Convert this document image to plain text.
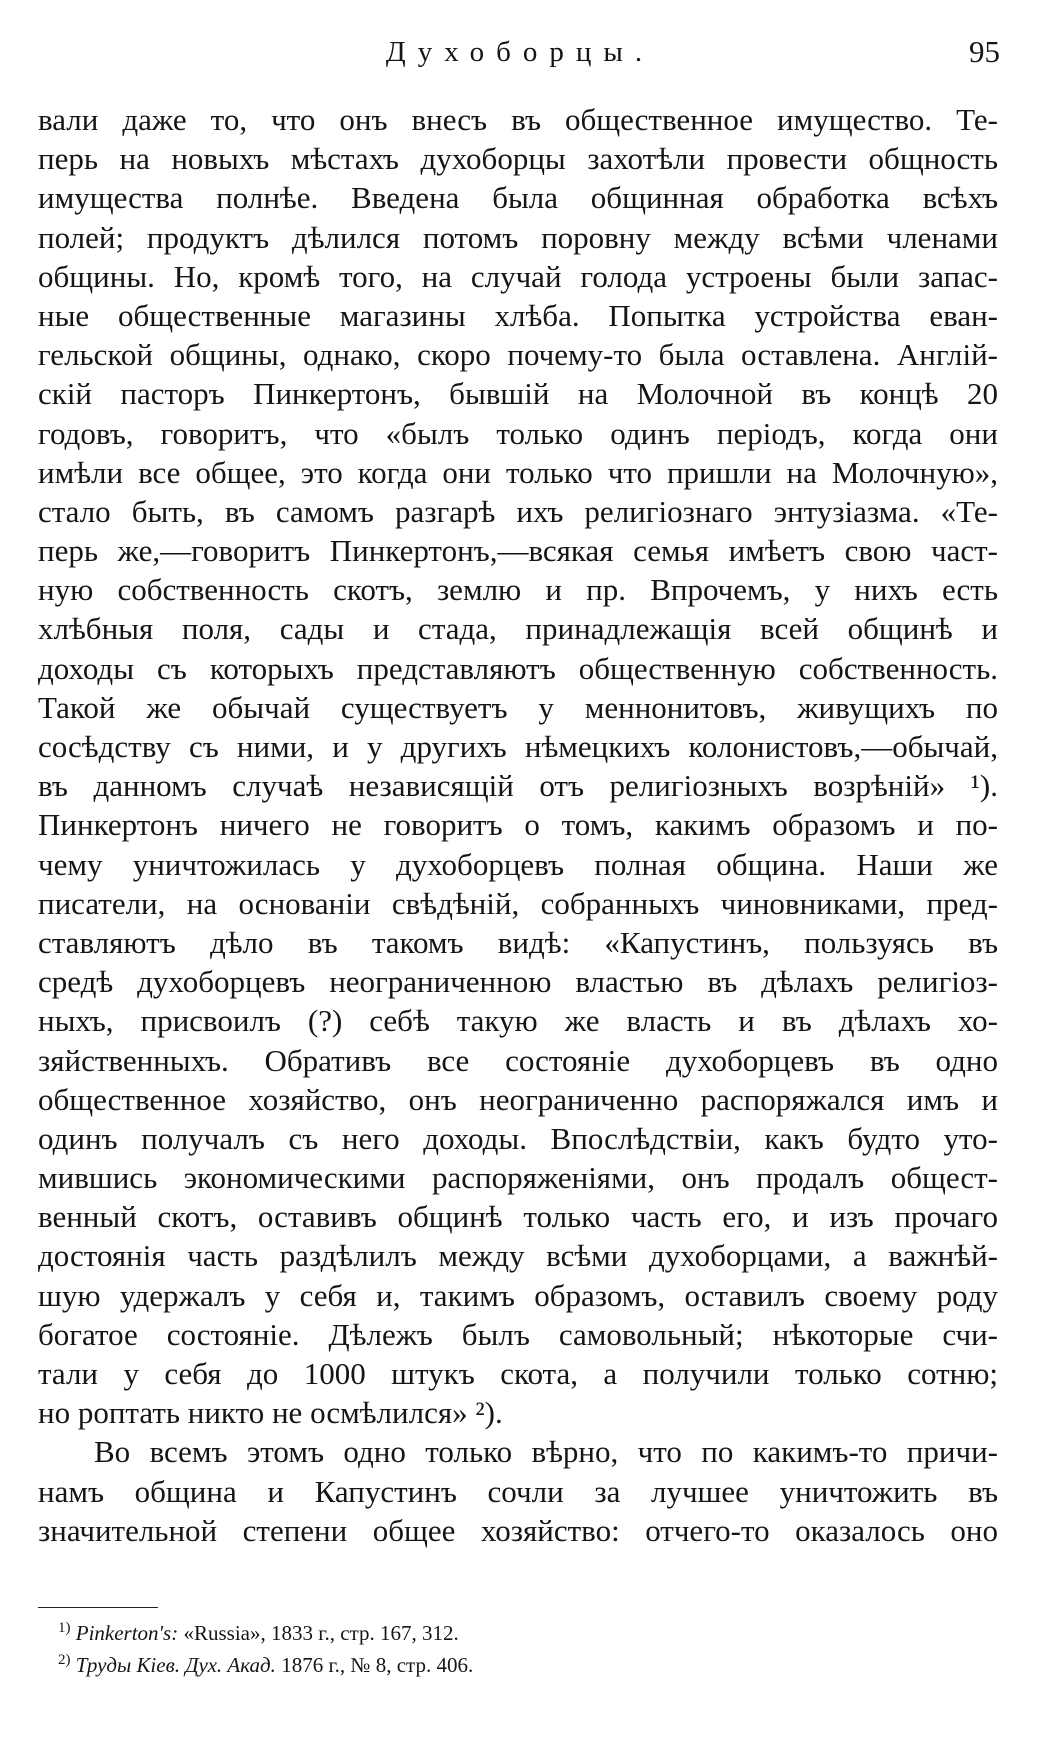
Духоборцы.	95
вали даже то, что онъ внесъ въ общественное имущество. Те-
перь на новыхъ мѣстахъ духоборцы захотѣли провести общность
имущества полнѣе. Введена была общинная обработка всѣхъ
полей; продуктъ дѣлился потомъ поровну между всѣми членами
общины. Но, кромѣ того, на случай голода устроены были запас-
ные общественные магазины хлѣба. Попытка устройства еван-
гельской общины, однако, скоро почему-то была оставлена. Англій-
скій пасторъ Пинкертонъ, бывшій на Молочной въ концѣ 20
годовъ, говоритъ, что «былъ только одинъ періодъ, когда они
имѣли все общее, это когда они только что пришли на Молочную»,
стало быть, въ самомъ разгарѣ ихъ религіознаго энтузіазма. «Те-
перь же,—говоритъ Пинкертонъ,—всякая семья имѣетъ свою част-
ную собственность скотъ, землю и пр. Впрочемъ, у нихъ есть
хлѣбныя поля, сады и стада, принадлежащія всей общинѣ и
доходы съ которыхъ представляютъ общественную собственность.
Такой же обычай существуетъ у меннонитовъ, живущихъ по
сосѣдству съ ними, и у другихъ нѣмецкихъ колонистовъ,—обычай,
въ данномъ случаѣ независящій отъ религіозныхъ возрѣній» ¹).
Пинкертонъ ничего не говоритъ о томъ, какимъ образомъ и по-
чему уничтожилась у духоборцевъ полная община. Наши же
писатели, на основаніи свѣдѣній, собранныхъ чиновниками, пред-
ставляютъ дѣло въ такомъ видѣ: «Капустинъ, пользуясь въ
средѣ духоборцевъ неограниченною властью въ дѣлахъ религіоз-
ныхъ, присвоилъ (?) себѣ такую же власть и въ дѣлахъ хо-
зяйственныхъ. Обративъ все состояніе духоборцевъ въ одно
общественное хозяйство, онъ неограниченно распоряжался имъ и
одинъ получалъ съ него доходы. Впослѣдствіи, какъ будто уто-
мившись экономическими распоряженіями, онъ продалъ общест-
венный скотъ, оставивъ общинѣ только часть его, и изъ прочаго
достоянія часть раздѣлилъ между всѣми духоборцами, а важнѣй-
шую удержалъ у себя и, такимъ образомъ, оставилъ своему роду
богатое состояніе. Дѣлежъ былъ самовольный; нѣкоторые счи-
тали у себя до 1000 штукъ скота, а получили только сотню;
но роптать никто не осмѣлился» ²).
Во всемъ этомъ одно только вѣрно, что по какимъ-то причи-
намъ община и Капустинъ сочли за лучшее уничтожить въ
значительной степени общее хозяйство: отчего-то оказалось оно
$^{1)}$ Pinkerton's: «Russia», 1833 г., стр. 167, 312.
$^{2)}$ Труды Кіев. Дух. Акад. 1876 г., № 8, стр. 406.
